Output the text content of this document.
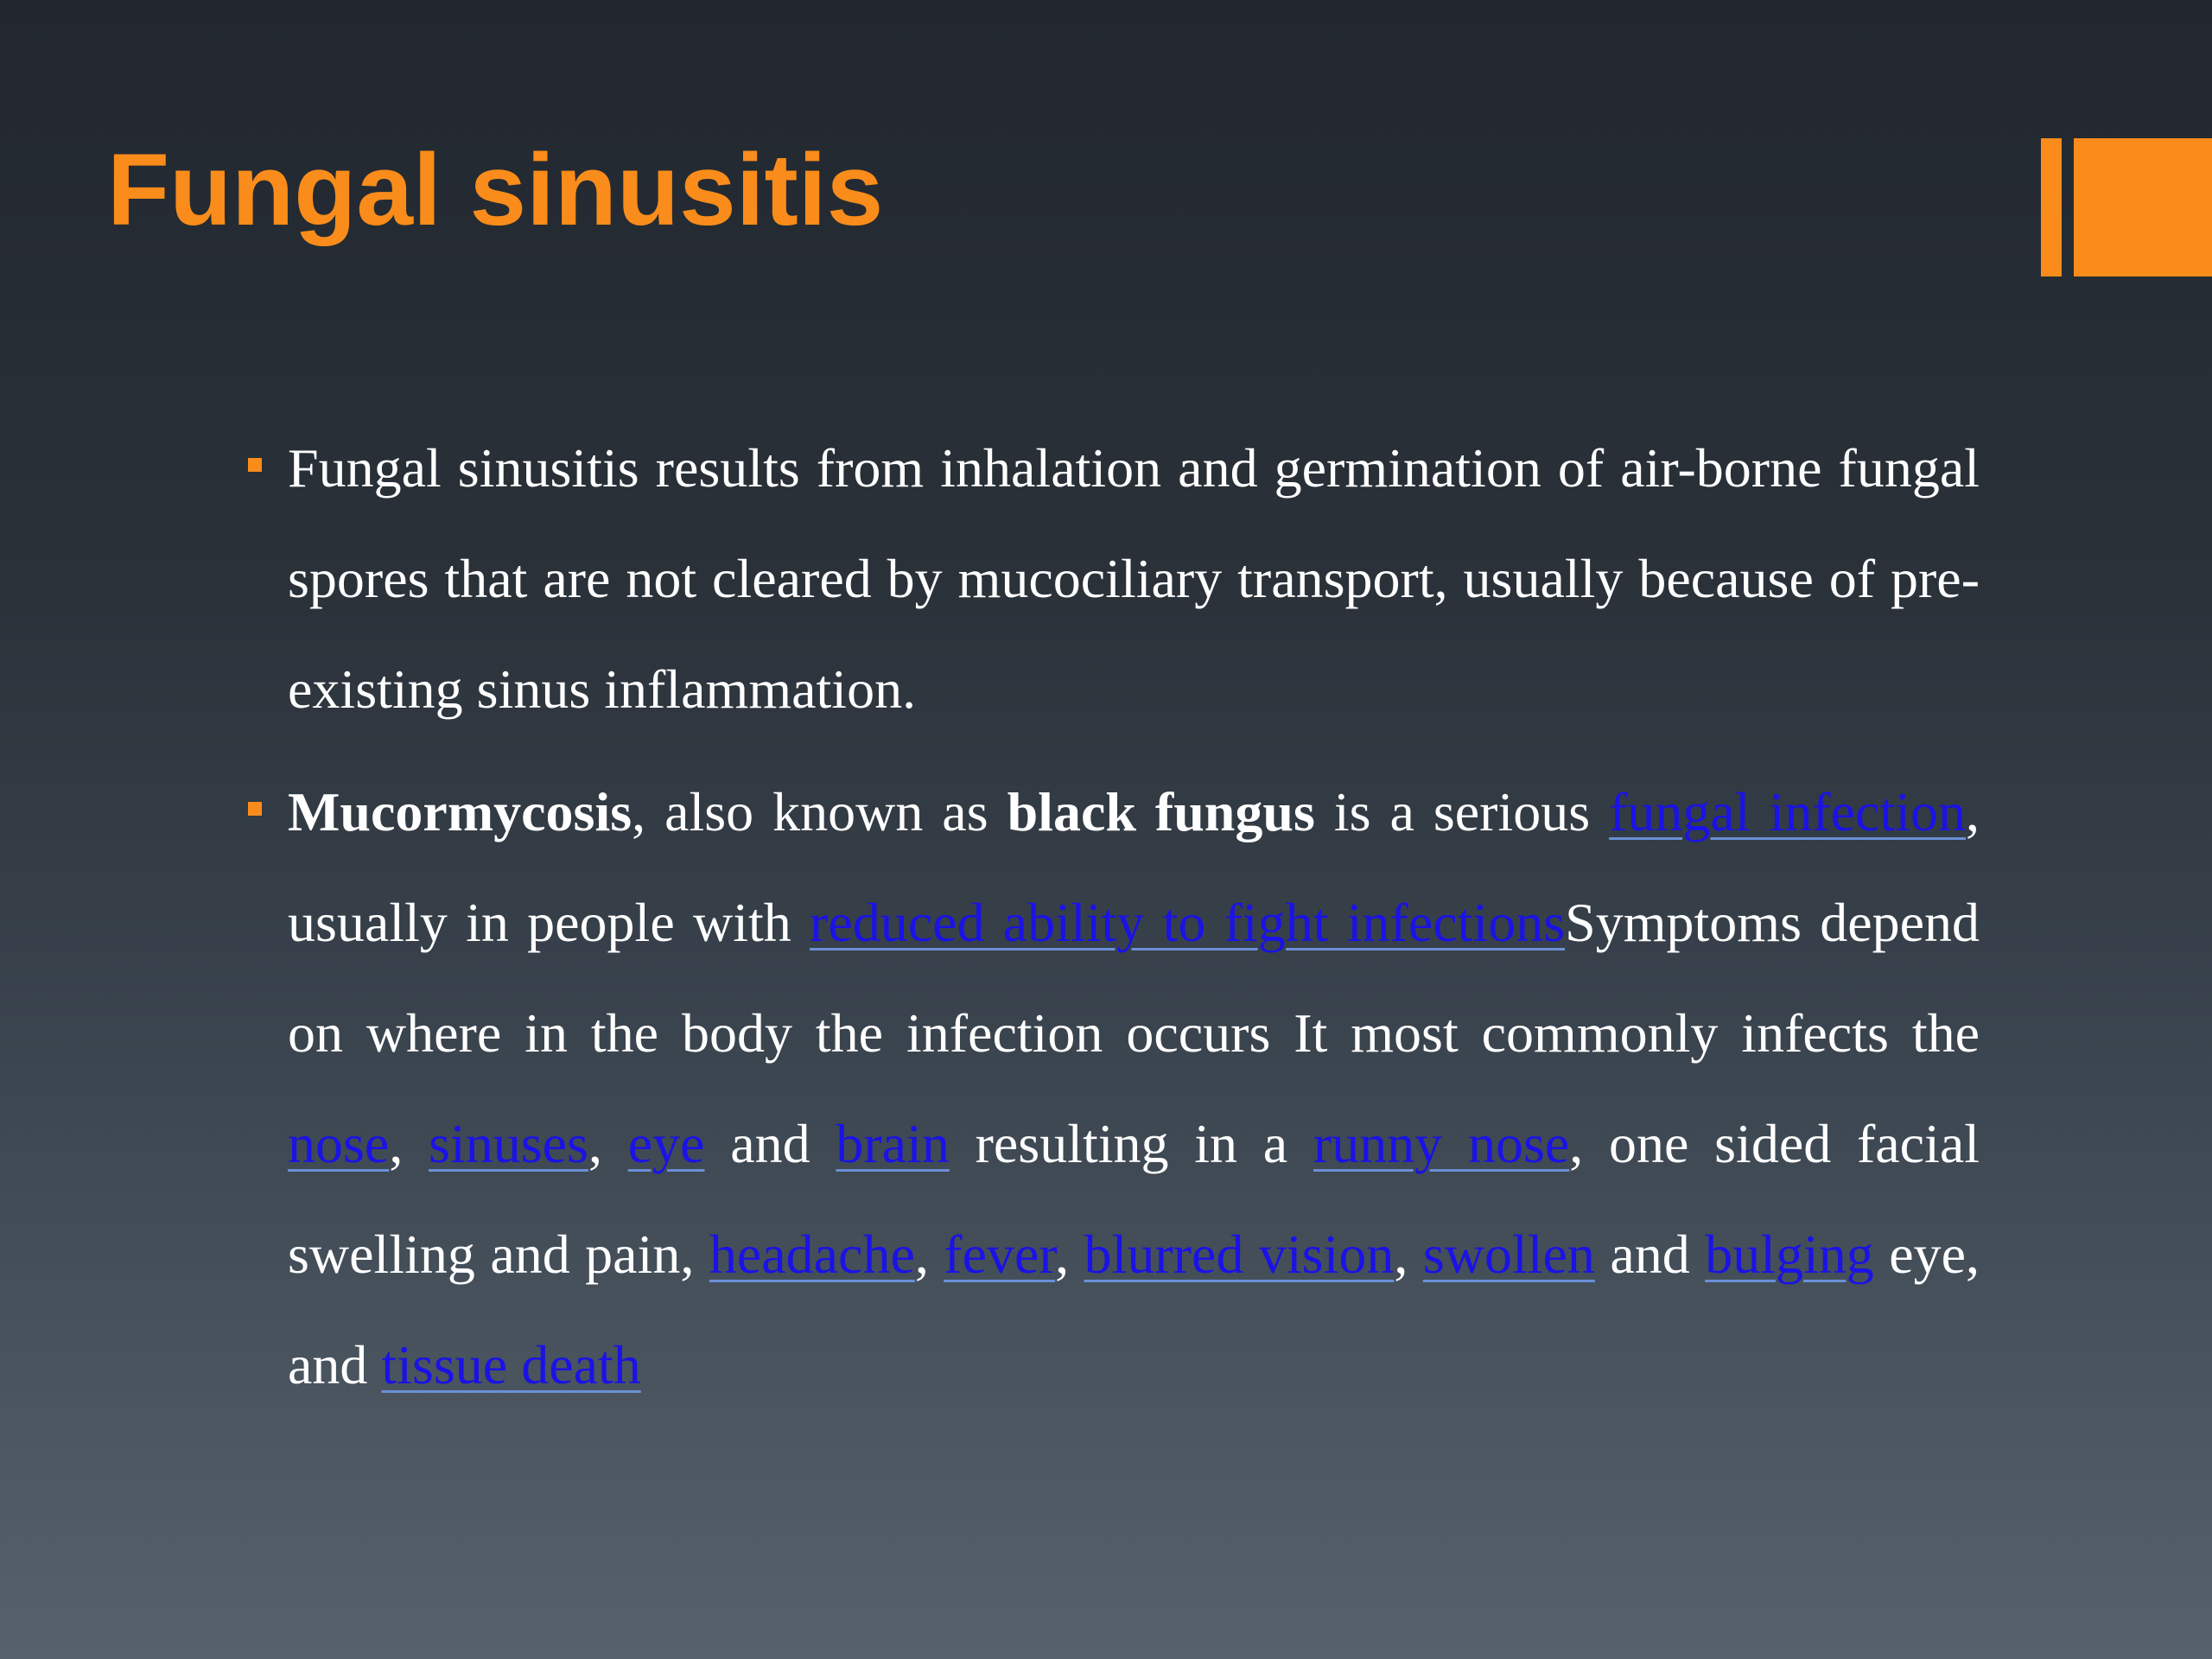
Fungal sinusitis

Fungal sinusitis results from inhalation and germination of air-borne fungal spores that are not cleared by mucociliary transport, usually because of pre-existing sinus inflammation.

Mucormycosis, also known as black fungus is a serious fungal infection, usually in people with reduced ability to fight infectionsSymptoms depend on where in the body the infection occurs It most commonly infects the nose, sinuses, eye and brain resulting in a runny nose, one sided facial swelling and pain, headache, fever, blurred vision, swollen and bulging eye, and tissue death
